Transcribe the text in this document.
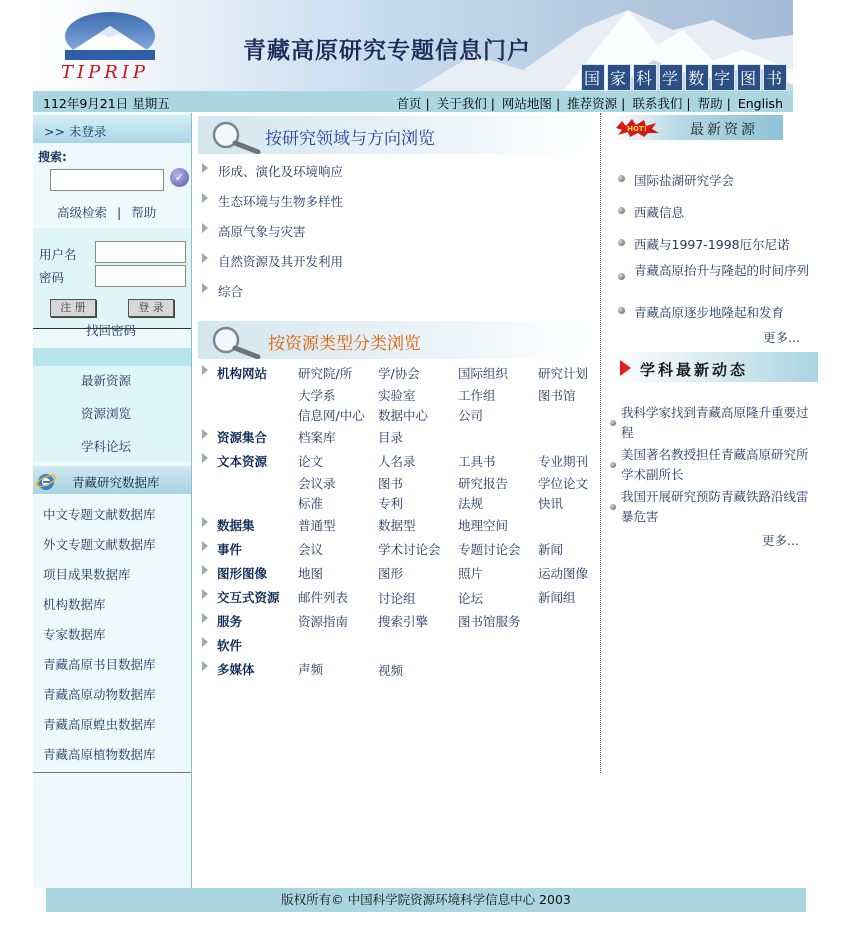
TIPRIP
青藏高原研究专题信息门户
国 家 科 学 数 字 图 书
112年9月21日 星期五	首页 | 关于我们 | 网站地图 | 推荐资源 | 联系我们 | 帮助 | English
>> 未登录
搜索:
✓
高级检索 | 帮助
用户名
密码
注 册	登 录
找回密码
最新资源
资源浏览
学科论坛
青藏研究数据库
中文专题文献数据库
外文专题文献数据库
项目成果数据库
机构数据库
专家数据库
青藏高原书目数据库
青藏高原动物数据库
青藏高原蝗虫数据库
青藏高原植物数据库
按研究领域与方向浏览
形成、演化及环境响应
生态环境与生物多样性
高原气象与灾害
自然资源及其开发利用
综合
按资源类型分类浏览
机构网站 研究院/所 学/协会	国际组织 研究计划
大学系	实验室	工作组	图书馆
信息网/中心 数据中心 公司
资源集合 档案库	目录
文本资源 论文	人名录	工具书	专业期刊
会议录	图书	研究报告 学位论文
标准	专利	法规	快讯
数据集	普通型	数据型	地理空间
事件	会议	学术讨论会 专题讨论会 新闻
图形图像 地图	图形	照片	运动图像
交互式资源 邮件列表 讨论组	论坛	新闻组
服务	资源指南 搜索引擎 图书馆服务
软件
多媒体	声频	视频
HOT!	最新资源
国际盐湖研究学会
西藏信息
西藏与1997-1998厄尔尼诺
青藏高原抬升与隆起的时间序列
青藏高原逐步地隆起和发育
更多...
学科最新动态
我科学家找到青藏高原隆升重要过程
美国著名教授担任青藏高原研究所学术副所长
我国开展研究预防青藏铁路沿线雷暴危害
更多...
版权所有© 中国科学院资源环境科学信息中心 2003
